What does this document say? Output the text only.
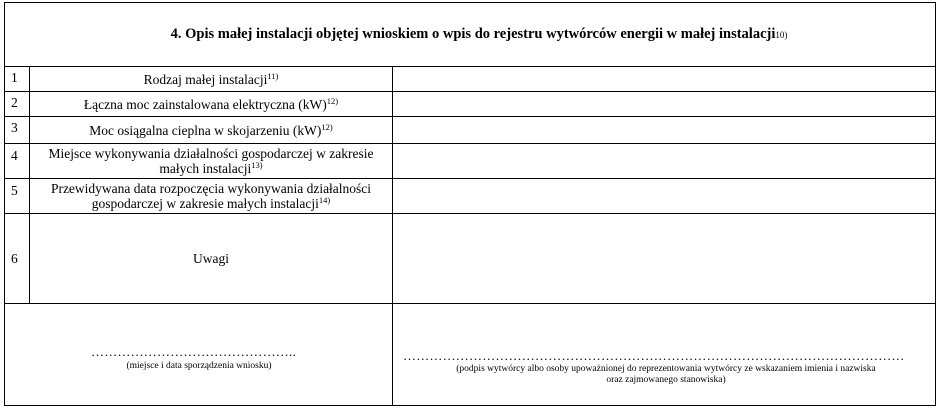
4. Opis małej instalacji objętej wnioskiem o wpis do rejestru wytwórców energii w małej instalacji 10)
1	Rodzaj małej instalacji$^{11)}$
2	Łączna moc zainstalowana elektryczna (kW)$^{12)}$
3	Moc osiągalna cieplna w skojarzeniu (kW)$^{12)}$
4	Miejsce wykonywania działalności gospodarczej w zakresie małych instalacji$^{13)}$
5	Przewidywana data rozpoczęcia wykonywania działalności gospodarczej w zakresie małych instalacji$^{14)}$
6	Uwagi
………………………………………..
(miejsce i data sporządzenia wniosku)
……………………………………………………………………………………………………
(podpis wytwórcy albo osoby upoważnionej do reprezentowania wytwórcy ze wskazaniem imienia i nazwiska
oraz zajmowanego stanowiska)
